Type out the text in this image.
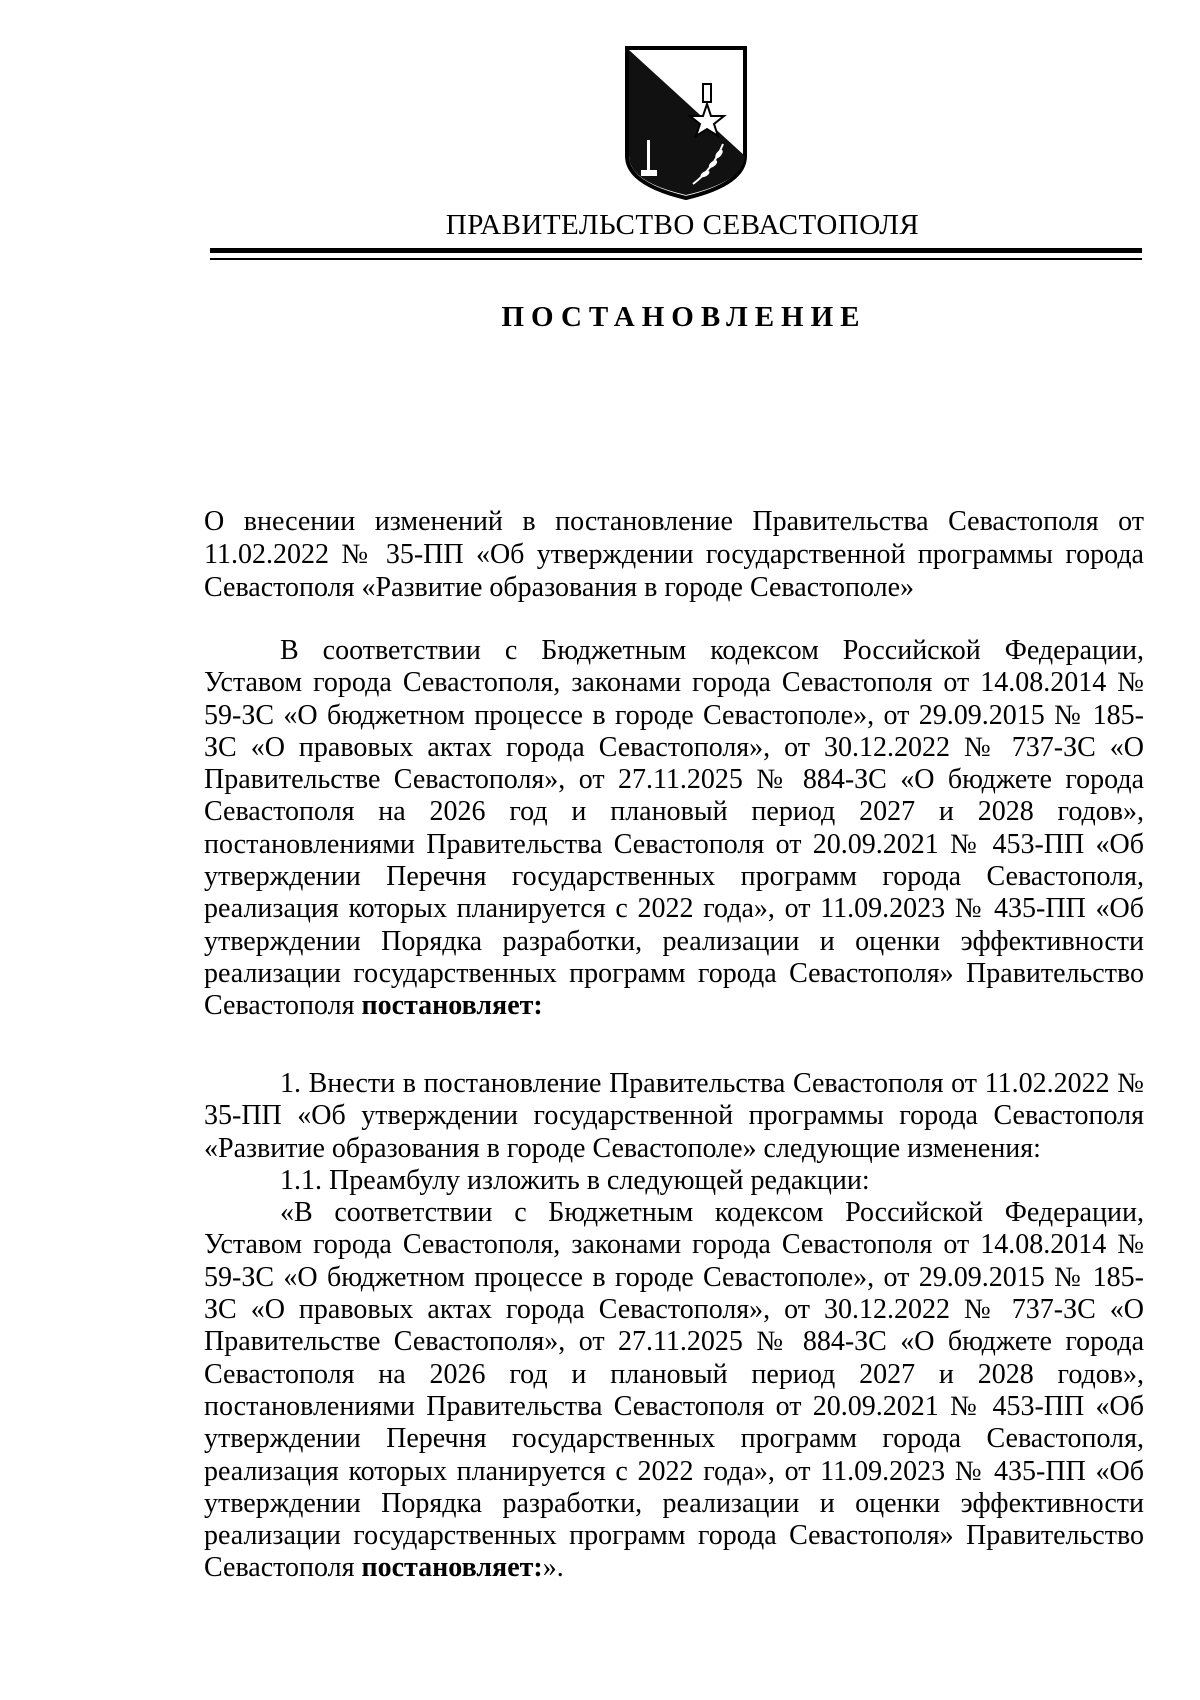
ПРАВИТЕЛЬСТВО СЕВАСТОПОЛЯ
ПОСТАНОВЛЕНИЕ
О внесении изменений в постановление Правительства Севастополя от 11.02.2022 № 35-ПП «Об утверждении государственной программы города Севастополя «Развитие образования в городе Севастополе»

В соответствии с Бюджетным кодексом Российской Федерации, Уставом города Севастополя, законами города Севастополя от 14.08.2014 № 59-ЗС «О бюджетном процессе в городе Севастополе», от 29.09.2015 № 185-ЗС «О правовых актах города Севастополя», от 30.12.2022 № 737-ЗС «О Правительстве Севастополя», от 27.11.2025 № 884-ЗС «О бюджете города Севастополя на 2026 год и плановый период 2027 и 2028 годов», постановлениями Правительства Севастополя от 20.09.2021 № 453-ПП «Об утверждении Перечня государственных программ города Севастополя, реализация которых планируется с 2022 года», от 11.09.2023 № 435-ПП «Об утверждении Порядка разработки, реализации и оценки эффективности реализации государственных программ города Севастополя» Правительство Севастополя постановляет:

1. Внести в постановление Правительства Севастополя от 11.02.2022 № 35-ПП «Об утверждении государственной программы города Севастополя «Развитие образования в городе Севастополе» следующие изменения:

1.1. Преамбулу изложить в следующей редакции:

«В соответствии с Бюджетным кодексом Российской Федерации, Уставом города Севастополя, законами города Севастополя от 14.08.2014 № 59-ЗС «О бюджетном процессе в городе Севастополе», от 29.09.2015 № 185-ЗС «О правовых актах города Севастополя», от 30.12.2022 № 737-ЗС «О Правительстве Севастополя», от 27.11.2025 № 884-ЗС «О бюджете города Севастополя на 2026 год и плановый период 2027 и 2028 годов», постановлениями Правительства Севастополя от 20.09.2021 № 453-ПП «Об утверждении Перечня государственных программ города Севастополя, реализация которых планируется с 2022 года», от 11.09.2023 № 435-ПП «Об утверждении Порядка разработки, реализации и оценки эффективности реализации государственных программ города Севастополя» Правительство Севастополя постановляет:».
